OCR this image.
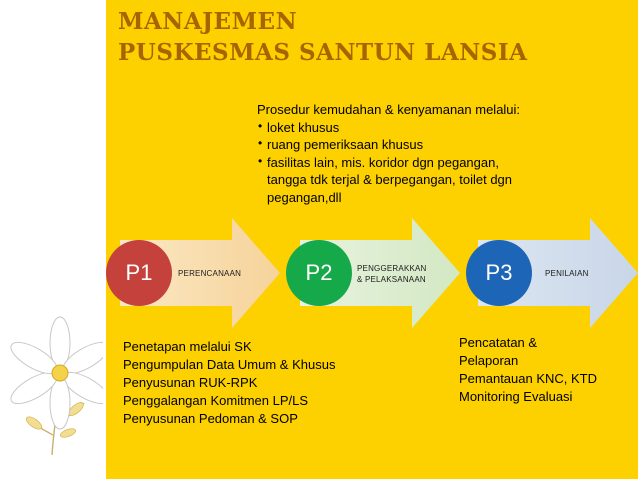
MANAJEMEN
PUSKESMAS SANTUN LANSIA
Prosedur kemudahan & kenyamanan melalui:
• loket khusus
• ruang pemeriksaan khusus
• fasilitas lain, mis. koridor dgn pegangan,
tangga tdk terjal & berpegangan, toilet dgn
pegangan,dll
P1	P2	P3
PERENCANAAN
PENGGERAKKAN
& PELAKSANAAN
PENILAIAN
Penetapan melalui SK
Pengumpulan Data Umum & Khusus
Penyusunan RUK-RPK
Penggalangan Komitmen LP/LS
Penyusunan Pedoman & SOP
Pencatatan &
Pelaporan
Pemantauan KNC, KTD
Monitoring Evaluasi
